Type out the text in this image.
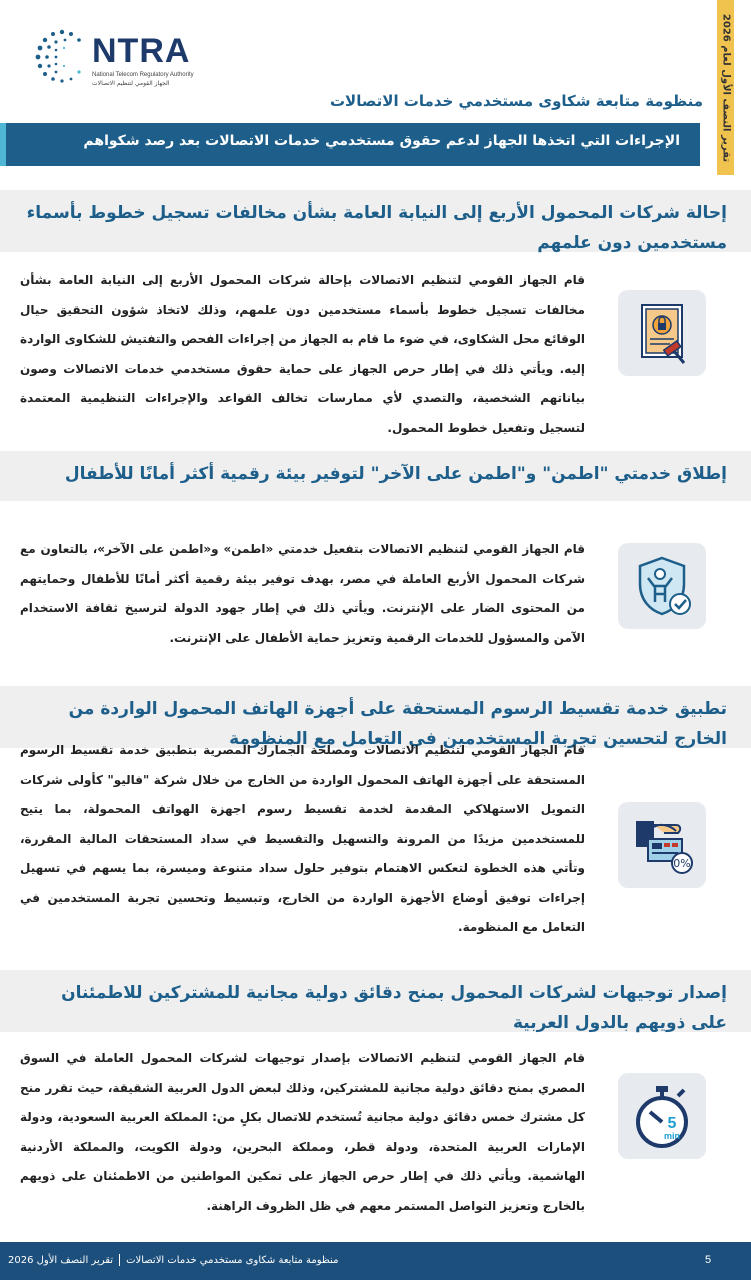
NTRA
National Telecom Regulatory Authority
الجهاز القومي لتنظيم الاتصالات
تقرير النصف الأول لعام 2026
منظومة متابعة شكاوى مستخدمي خدمات الاتصالات
الإجراءات التي اتخذها الجهاز لدعم حقوق مستخدمي خدمات الاتصالات بعد رصد شكواهم
إحالة شركات المحمول الأربع إلى النيابة العامة بشأن مخالفات تسجيل خطوط بأسماء مستخدمين دون علمهم
قام الجهاز القومي لتنظيم الاتصالات بإحالة شركات المحمول الأربع إلى النيابة العامة بشأن مخالفات تسجيل خطوط بأسماء مستخدمين دون علمهم، وذلك لاتخاذ شؤون التحقيق حيال الوقائع محل الشكاوى، في ضوء ما قام به الجهاز من إجراءات الفحص والتفتيش للشكاوى الواردة إليه. ويأتي ذلك في إطار حرص الجهاز على حماية حقوق مستخدمي خدمات الاتصالات وصون بياناتهم الشخصية، والتصدي لأي ممارسات تخالف القواعد والإجراءات التنظيمية المعتمدة لتسجيل وتفعيل خطوط المحمول.
إطلاق خدمتي "اطمن" و"اطمن على الآخر" لتوفير بيئة رقمية أكثر أمانًا للأطفال
قام الجهاز القومي لتنظيم الاتصالات بتفعيل خدمتي «اطمن» و«اطمن على الآخر»، بالتعاون مع شركات المحمول الأربع العاملة في مصر، بهدف توفير بيئة رقمية أكثر أمانًا للأطفال وحمايتهم من المحتوى الضار على الإنترنت. ويأتي ذلك في إطار جهود الدولة لترسيخ ثقافة الاستخدام الآمن والمسؤول للخدمات الرقمية وتعزيز حماية الأطفال على الإنترنت.
تطبيق خدمة تقسيط الرسوم المستحقة على أجهزة الهاتف المحمول الواردة من الخارج لتحسين تجربة المستخدمين في التعامل مع المنظومة
قام الجهاز القومي لتنظيم الاتصالات ومصلحة الجمارك المصرية بتطبيق خدمة تقسيط الرسوم المستحقة على أجهزة الهاتف المحمول الواردة من الخارج من خلال شركة "فاليو" كأولى شركات التمويل الاستهلاكي المقدمة لخدمة تقسيط رسوم اجهزة الهواتف المحمولة، بما يتيح للمستخدمين مزيدًا من المرونة والتسهيل والتقسيط في سداد المستحقات المالية المقررة، وتأتي هذه الخطوة لتعكس الاهتمام بتوفير حلول سداد متنوعة وميسرة، بما يسهم في تسهيل إجراءات توفيق أوضاع الأجهزة الواردة من الخارج، وتبسيط وتحسين تجربة المستخدمين في التعامل مع المنظومة.
0%
إصدار توجيهات لشركات المحمول بمنح دقائق دولية مجانية للمشتركين للاطمئنان على ذويهم بالدول العربية
قام الجهاز القومي لتنظيم الاتصالات بإصدار توجيهات لشركات المحمول العاملة في السوق المصري بمنح دقائق دولية مجانية للمشتركين، وذلك لبعض الدول العربية الشقيقة، حيث تقرر منح كل مشترك خمس دقائق دولية مجانية تُستخدم للاتصال بكلٍ من: المملكة العربية السعودية، ودولة الإمارات العربية المتحدة، ودولة قطر، ومملكة البحرين، ودولة الكويت، والمملكة الأردنية الهاشمية. ويأتي ذلك في إطار حرص الجهاز على تمكين المواطنين من الاطمئنان على ذويهم بالخارج وتعزيز التواصل المستمر معهم في ظل الظروف الراهنة.
5
min
منظومة متابعة شكاوى مستخدمي خدمات الاتصالاتتقرير النصف الأول 2026	5
